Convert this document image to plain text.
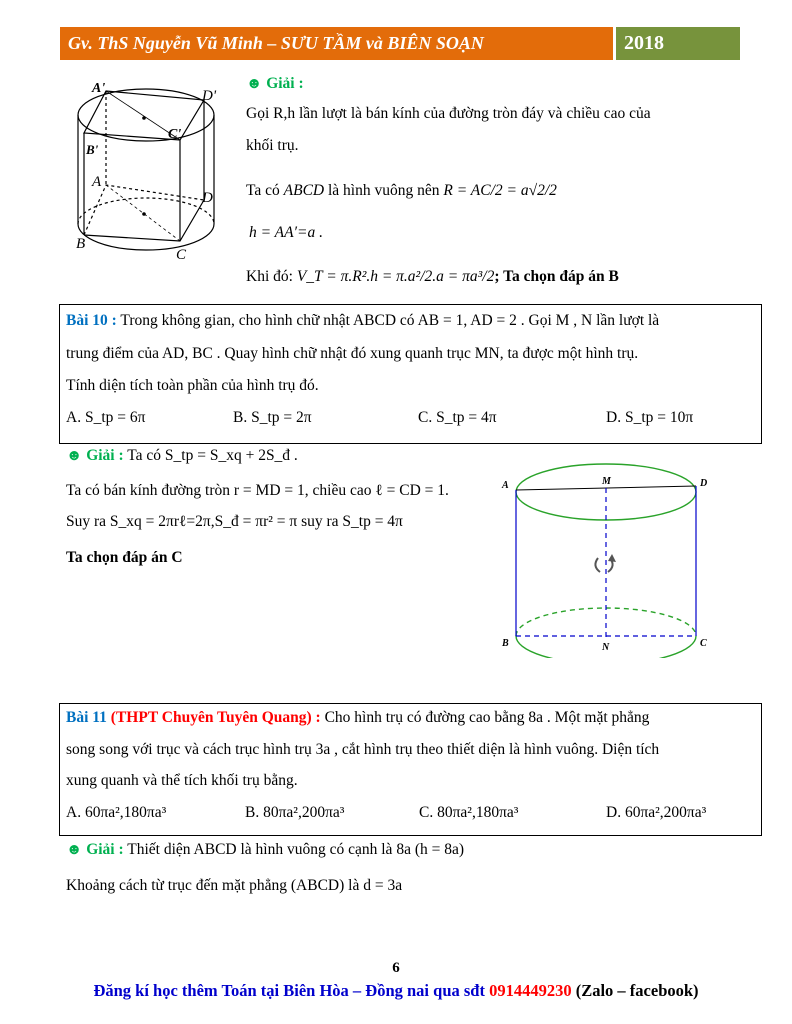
Gv. ThS Nguyễn Vũ Minh – SƯU TẦM và BIÊN SOẠN	2018
A'	D'
B'
C'
A
D
B
C
☻ Giải :
Gọi R,h lần lượt là bán kính của đường tròn đáy và chiều cao của
khối trụ.
Ta có ABCD là hình vuông nên R = AC/2 = a√2/2
h = AA′=a .
Khi đó: V_T = π.R².h = π.a²/2.a = πa³/2; Ta chọn đáp án B
Bài 10 : Trong không gian, cho hình chữ nhật ABCD có AB = 1, AD = 2 . Gọi M , N lần lượt là
trung điểm của AD, BC . Quay hình chữ nhật đó xung quanh trục MN, ta được một hình trụ.
Tính diện tích toàn phần của hình trụ đó.
A. S_tp = 6π	B. S_tp = 2π	C. S_tp = 4π	D. S_tp = 10π
☻ Giải : Ta có S_tp = S_xq + 2S_đ .
Ta có bán kính đường tròn r = MD = 1, chiều cao ℓ = CD = 1.
Suy ra S_xq = 2πrℓ=2π,S_đ = πr² = π suy ra S_tp = 4π
Ta chọn đáp án C
A	M	D
B	N	C
Bài 11 (THPT Chuyên Tuyên Quang) : Cho hình trụ có đường cao bằng 8a . Một mặt phẳng
song song với trục và cách trục hình trụ 3a , cắt hình trụ theo thiết diện là hình vuông. Diện tích
xung quanh và thể tích khối trụ bằng.
A. 60πa²,180πa³	B. 80πa²,200πa³	C. 80πa²,180πa³	D. 60πa²,200πa³
☻ Giải : Thiết diện ABCD là hình vuông có cạnh là 8a (h = 8a)
Khoảng cách từ trục đến mặt phẳng (ABCD) là d = 3a
6
Đăng kí học thêm Toán tại Biên Hòa – Đồng nai qua sđt 0914449230 (Zalo – facebook)
